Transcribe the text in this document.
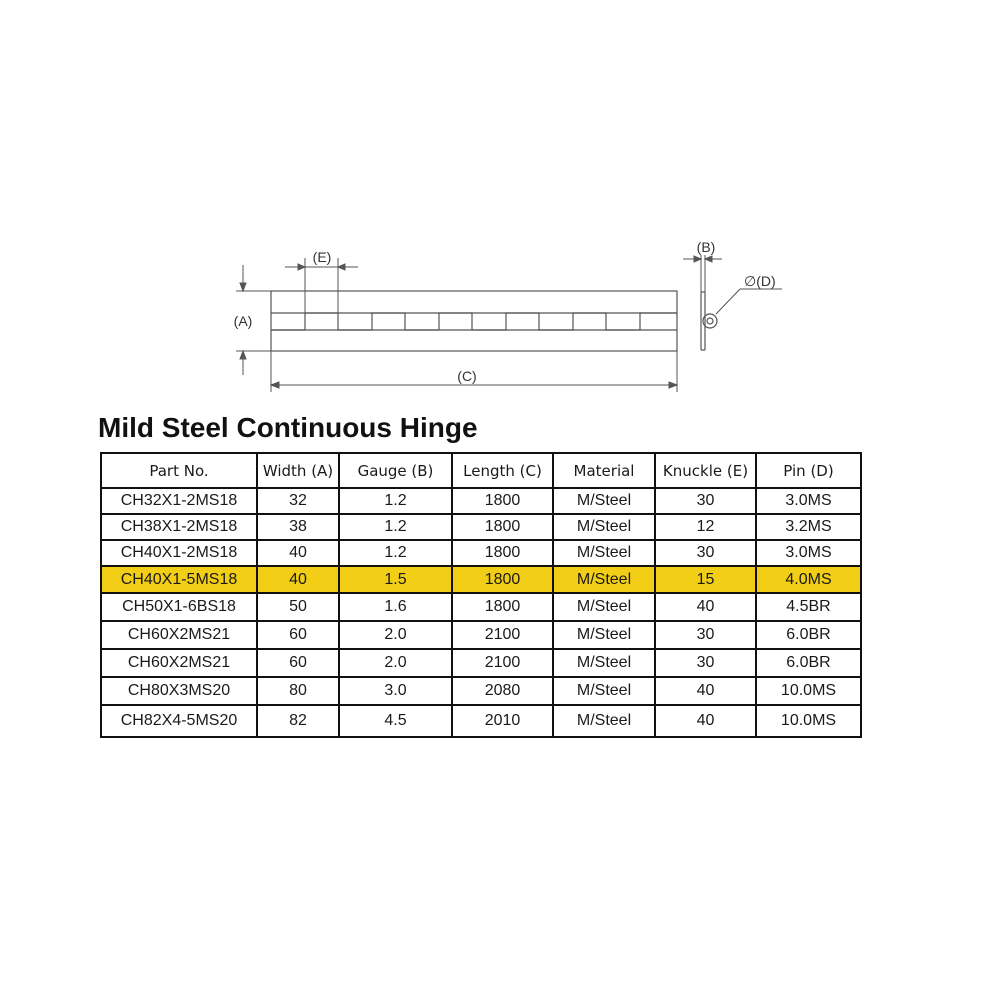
(E)
(A)
(C)
(B)
∅(D)
Mild Steel Continuous Hinge
Part No.	Width (A)	Gauge (B)	Length (C)	Material	Knuckle (E)	Pin (D)
CH32X1-2MS18	32	1.2	1800	M/Steel	30	3.0MS
CH38X1-2MS18	38	1.2	1800	M/Steel	12	3.2MS
CH40X1-2MS18	40	1.2	1800	M/Steel	30	3.0MS
CH40X1-5MS18	40	1.5	1800	M/Steel	15	4.0MS
CH50X1-6BS18	50	1.6	1800	M/Steel	40	4.5BR
CH60X2MS21	60	2.0	2100	M/Steel	30	6.0BR
CH60X2MS21	60	2.0	2100	M/Steel	30	6.0BR
CH80X3MS20	80	3.0	2080	M/Steel	40	10.0MS
CH82X4-5MS20	82	4.5	2010	M/Steel	40	10.0MS
